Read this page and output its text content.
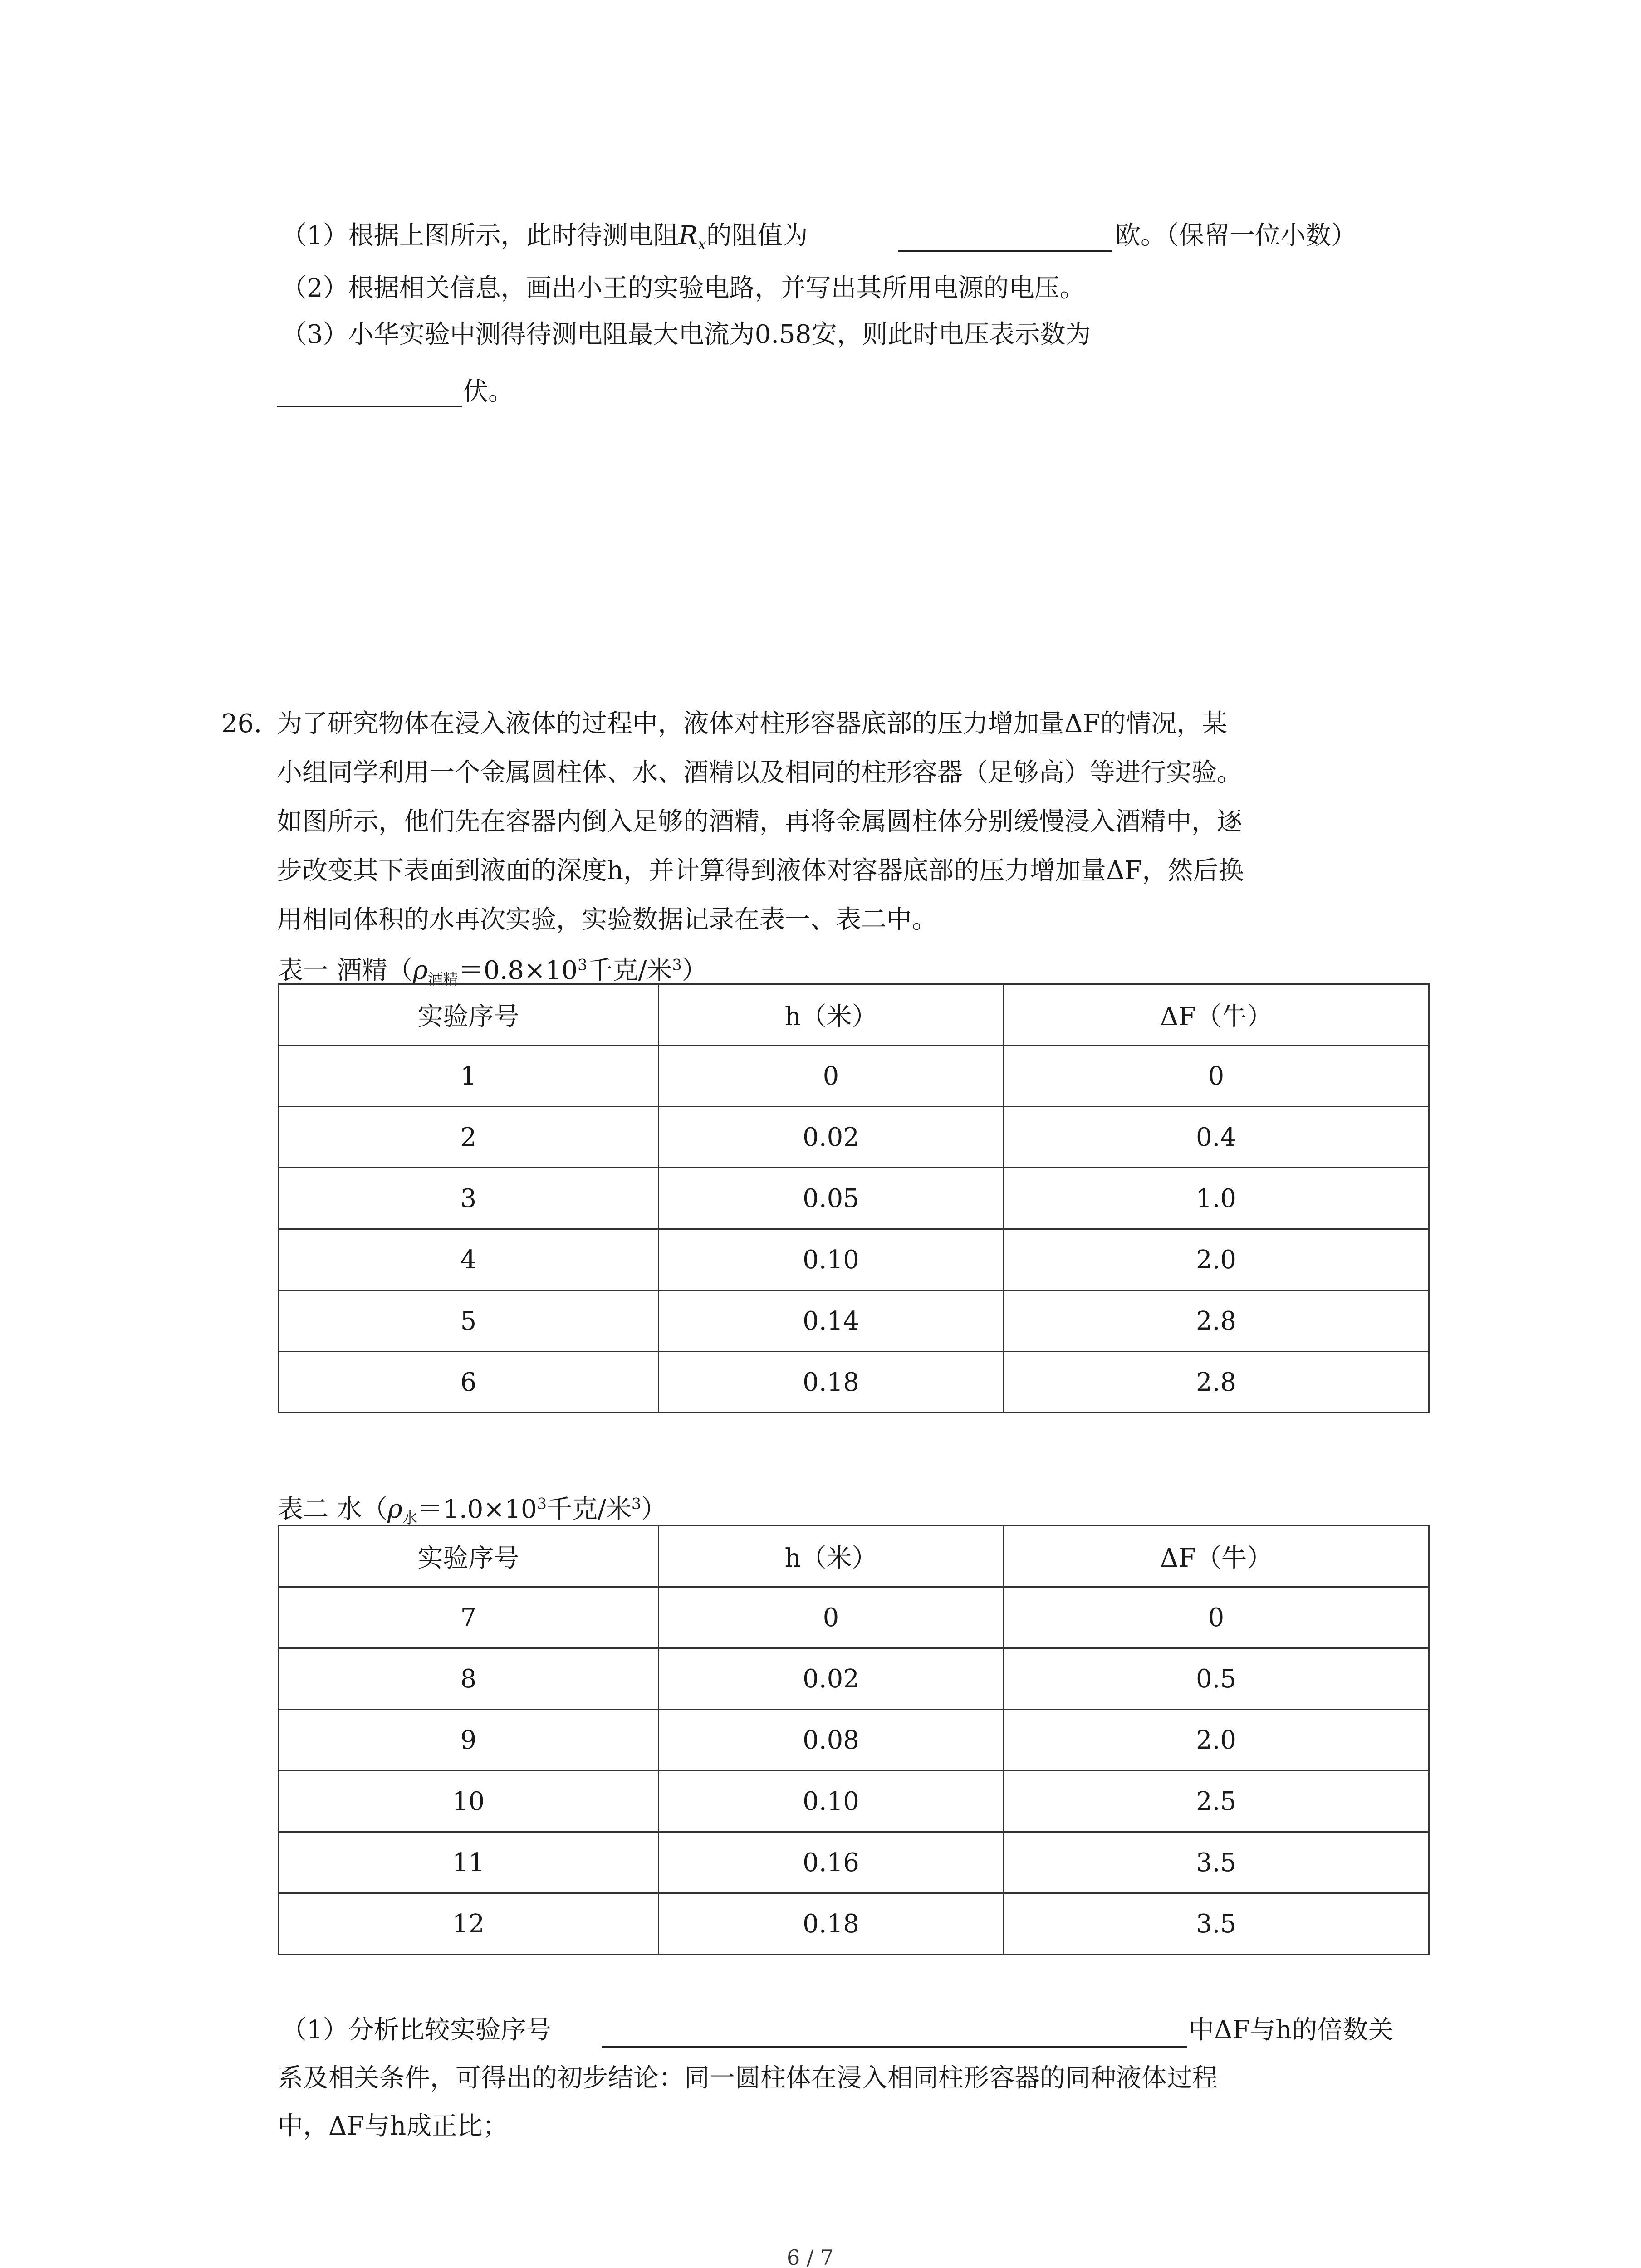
（1）根据上图所示，此时待测电阻$R_x$的阻值为	欧。（保留一位小数）
（2）根据相关信息，画出小王的实验电路，并写出其所用电源的电压。
（3）小华实验中测得待测电阻最大电流为0.58安，则此时电压表示数为
伏。
26. 为了研究物体在浸入液体的过程中，液体对柱形容器底部的压力增加量ΔF的情况，某
小组同学利用一个金属圆柱体、水、酒精以及相同的柱形容器（足够高）等进行实验。
如图所示，他们先在容器内倒入足够的酒精，再将金属圆柱体分别缓慢浸入酒精中，逐
步改变其下表面到液面的深度h，并计算得到液体对容器底部的压力增加量ΔF，然后换
用相同体积的水再次实验，实验数据记录在表一、表二中。
表一 酒精（$\rho_{酒精}=0.8\times 10^3$千克/米$^3$）
实验序号	h（米）	ΔF（牛）
1	0	0
2	0.02	0.4
3	0.05	1.0
4	0.10	2.0
5	0.14	2.8
6	0.18	2.8
表二 水（$\rho_水=1.0\times 10^3$千克/米$^3$）
实验序号	h（米）	ΔF（牛）
7	0	0
8	0.02	0.5
9	0.08	2.0
10	0.10	2.5
11	0.16	3.5
12	0.18	3.5
（1）分析比较实验序号	中ΔF与h的倍数关
系及相关条件，可得出的初步结论：同一圆柱体在浸入相同柱形容器的同种液体过程
中，ΔF与h成正比；
6 / 7
